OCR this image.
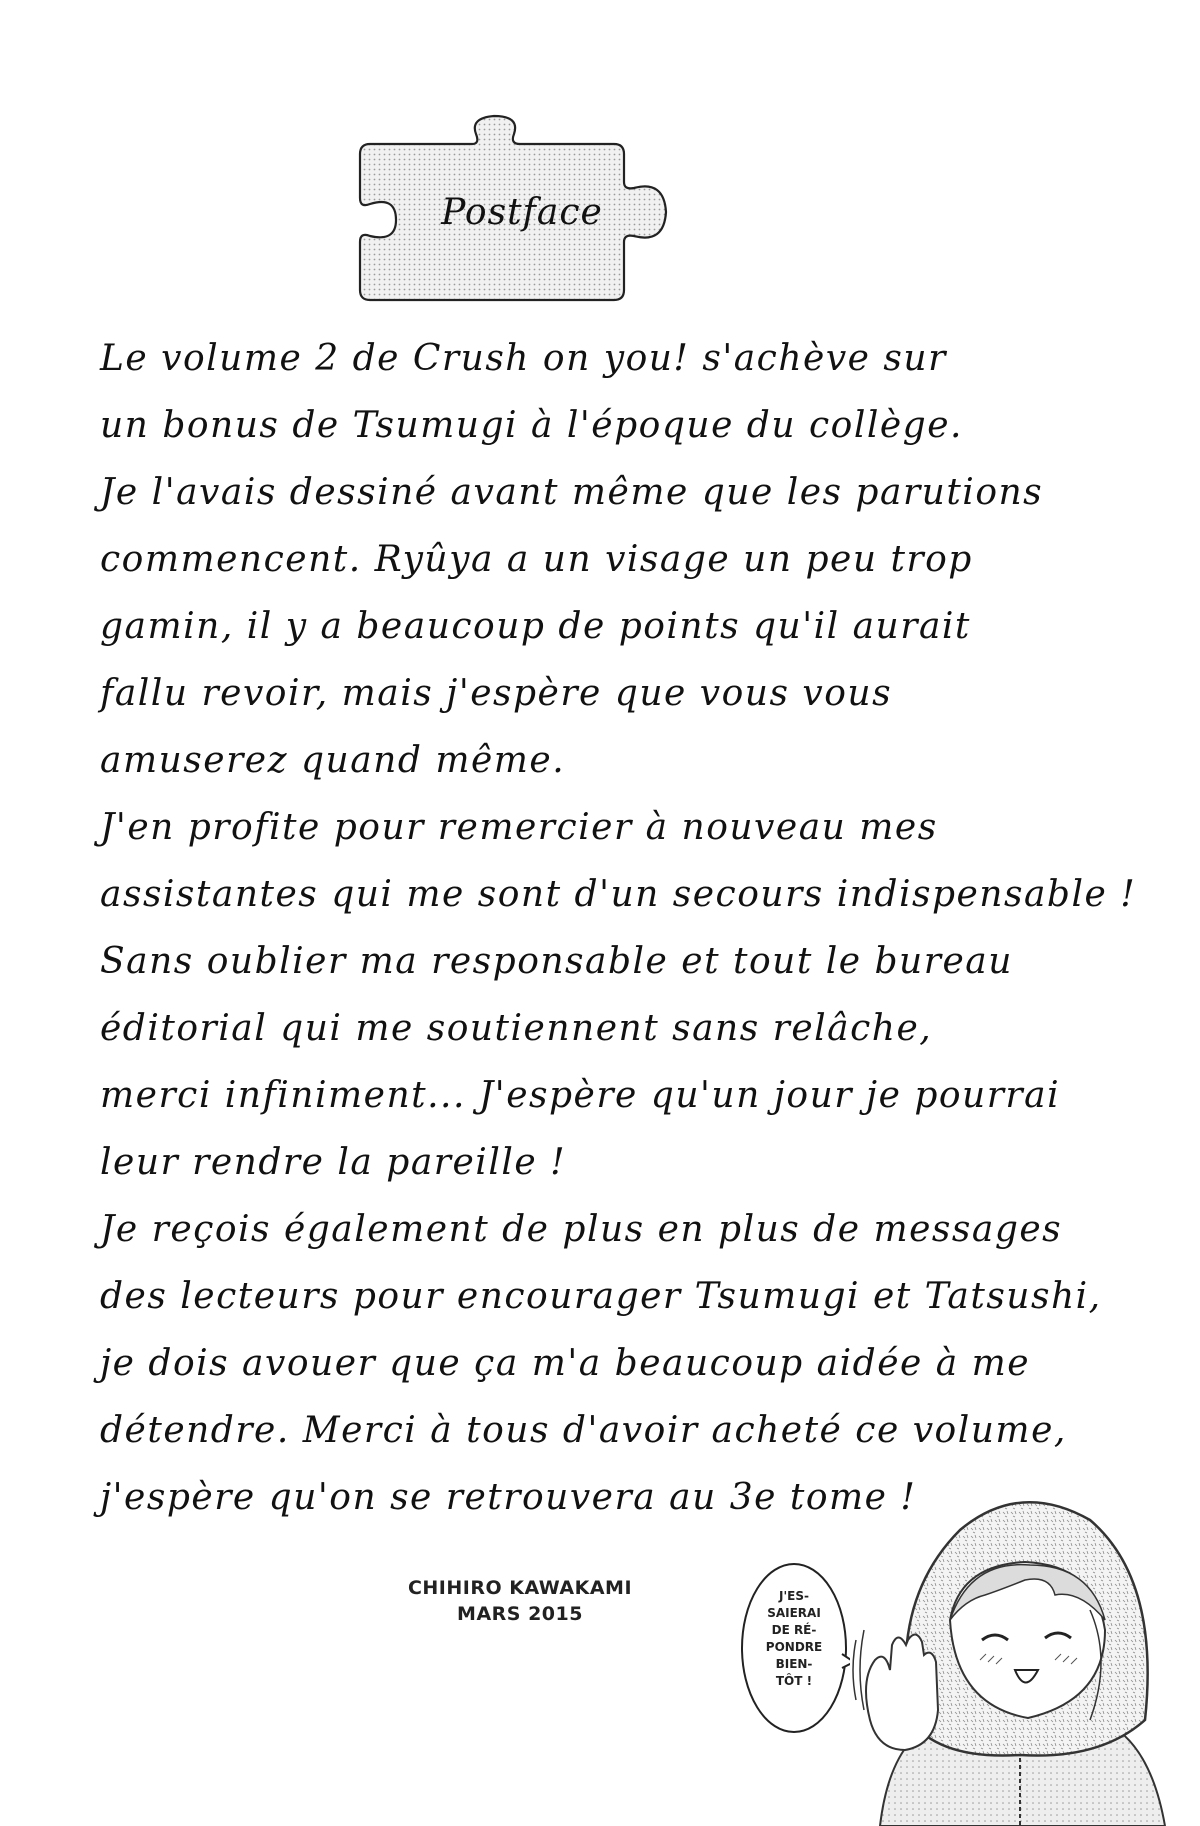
Postface
Le volume 2 de Crush on you! s'achève sur
un bonus de Tsumugi à l'époque du collège.
Je l'avais dessiné avant même que les parutions
commencent. Ryûya a un visage un peu trop
gamin, il y a beaucoup de points qu'il aurait
fallu revoir, mais j'espère que vous vous
amuserez quand même.
J'en profite pour remercier à nouveau mes
assistantes qui me sont d'un secours indispensable !
Sans oublier ma responsable et tout le bureau
éditorial qui me soutiennent sans relâche,
merci infiniment... J'espère qu'un jour je pourrai
leur rendre la pareille !
Je reçois également de plus en plus de messages
des lecteurs pour encourager Tsumugi et Tatsushi,
je dois avouer que ça m'a beaucoup aidée à me
détendre. Merci à tous d'avoir acheté ce volume,
j'espère qu'on se retrouvera au 3e tome !
CHIHIRO KAWAKAMI
MARS 2015
J'ES-
SAIERAI
DE RÉ-
PONDRE
BIEN-
TÔT !
